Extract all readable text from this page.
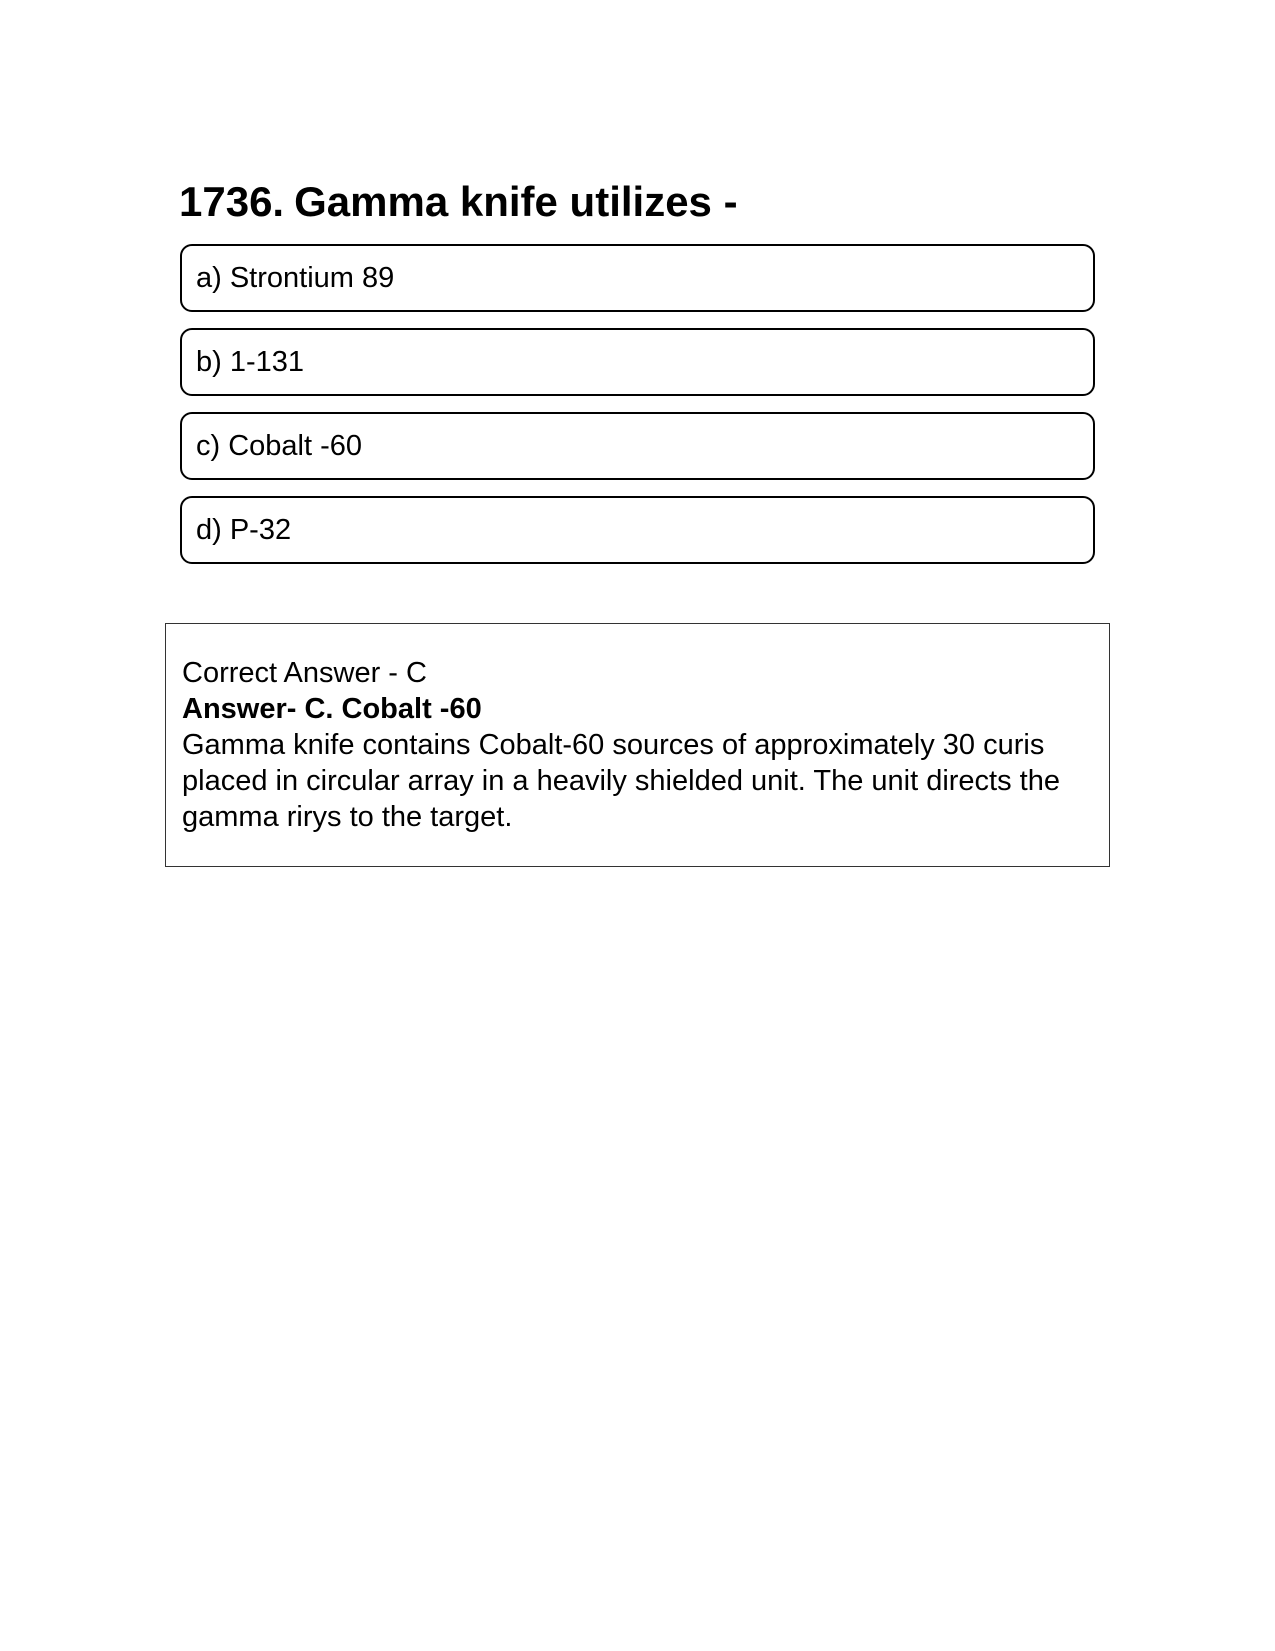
1736. Gamma knife utilizes -
a) Strontium 89
b) 1-131
c) Cobalt -60
d) P-32

Correct Answer - C

Answer- C. Cobalt -60

Gamma knife contains Cobalt-60 sources of approximately 30 curis placed in circular array in a heavily shielded unit. The unit directs the gamma rirys to the target.
